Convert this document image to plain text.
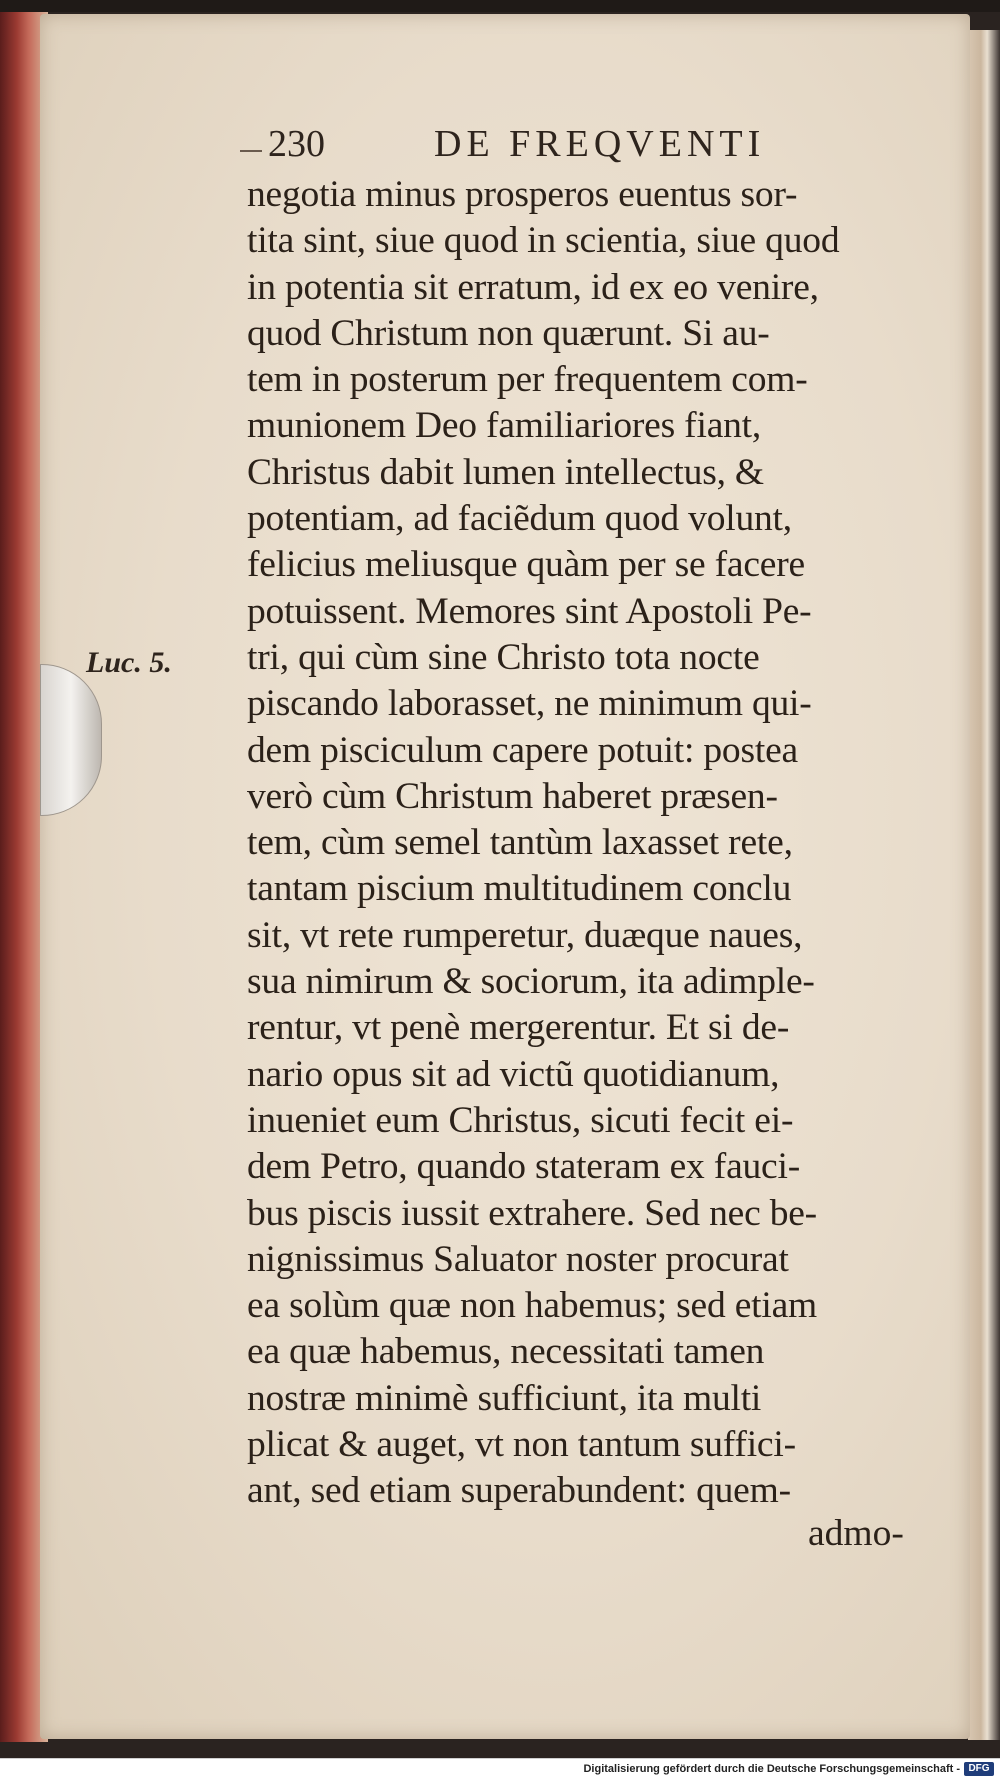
230	DE FREQVENTI
Luc. 5.
negotia minus prosperos euentus sor-
tita sint, siue quod in scientia, siue quod
in potentia sit erratum, id ex eo venire,
quod Christum non quærunt. Si au-
tem in posterum per frequentem com-
munionem Deo familiariores fiant,
Christus dabit lumen intellectus, &
potentiam, ad faciẽdum quod volunt,
felicius meliusque quàm per se facere
potuissent. Memores sint Apostoli Pe-
tri, qui cùm sine Christo tota nocte
piscando laborasset, ne minimum qui-
dem pisciculum capere potuit: postea
verò cùm Christum haberet præsen-
tem, cùm semel tantùm laxasset rete,
tantam piscium multitudinem conclu
sit, vt rete rumperetur, duæque naues,
sua nimirum & sociorum, ita adimple-
rentur, vt penè mergerentur. Et si de-
nario opus sit ad victũ quotidianum,
inueniet eum Christus, sicuti fecit ei-
dem Petro, quando stateram ex fauci-
bus piscis iussit extrahere. Sed nec be-
nignissimus Saluator noster procurat
ea solùm quæ non habemus; sed etiam
ea quæ habemus, necessitati tamen
nostræ minimè sufficiunt, ita multi
plicat & auget, vt non tantum suffici-
ant, sed etiam superabundent: quem-
admo-
Digitalisierung gefördert durch die Deutsche Forschungsgemeinschaft - DFG
